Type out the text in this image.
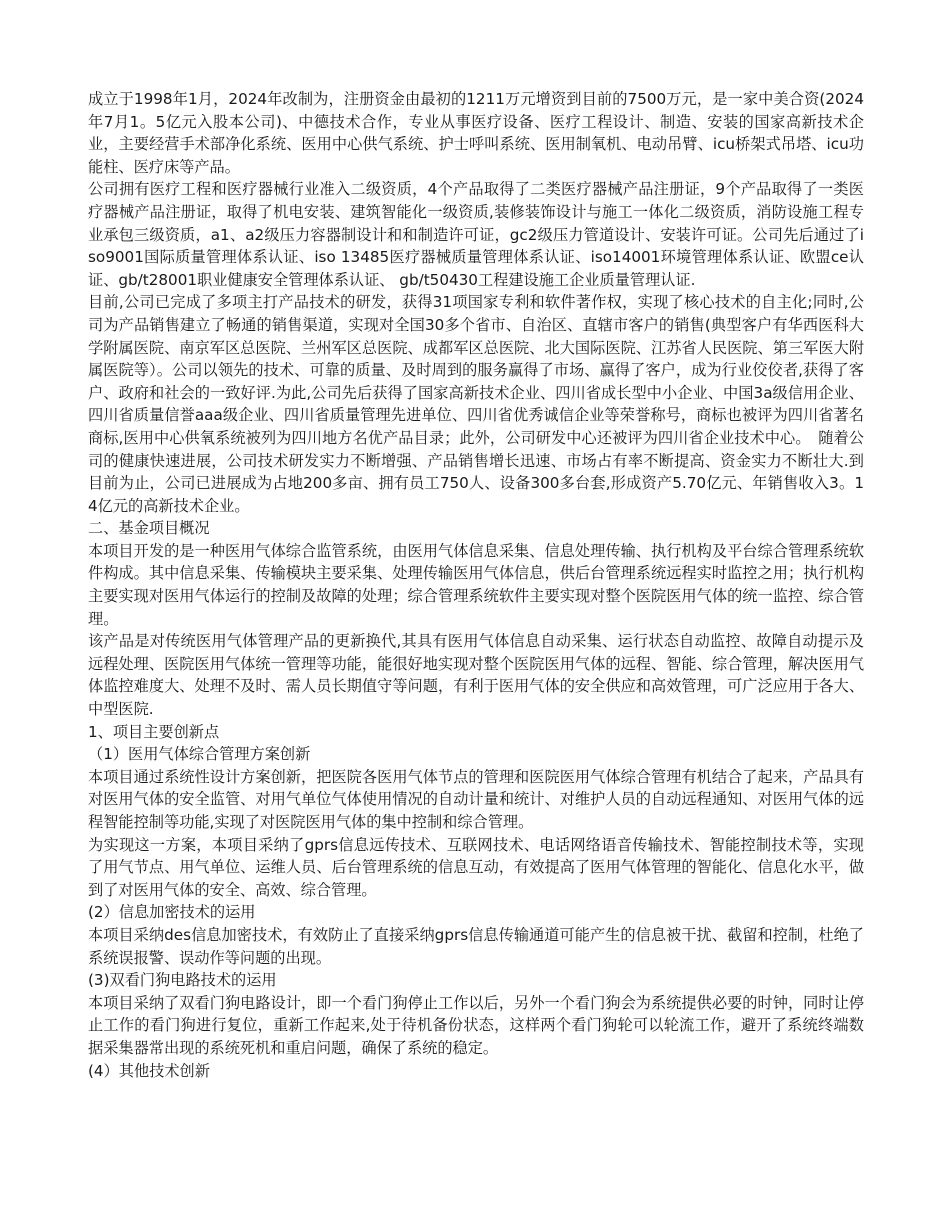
成立于1998年1月，2024年改制为，注册资金由最初的1211万元增资到目前的7500万元，是一家中美合资(2024年7月1。5亿元入股本公司)、中德技术合作，专业从事医疗设备、医疗工程设计、制造、安装的国家高新技术企业，主要经营手术部净化系统、医用中心供气系统、护士呼叫系统、医用制氧机、电动吊臂、icu桥架式吊塔、icu功能柱、医疗床等产品。

公司拥有医疗工程和医疗器械行业准入二级资质，4个产品取得了二类医疗器械产品注册证，9个产品取得了一类医疗器械产品注册证，取得了机电安装、建筑智能化一级资质,装修装饰设计与施工一体化二级资质，消防设施工程专业承包三级资质，a1、a2级压力容器制设计和和制造许可证，gc2级压力管道设计、安装许可证。公司先后通过了iso9001国际质量管理体系认证、iso 13485医疗器械质量管理体系认证、iso14001环境管理体系认证、欧盟ce认证、gb/t28001职业健康安全管理体系认证、 gb/t50430工程建设施工企业质量管理认证.

目前,公司已完成了多项主打产品技术的研发，获得31项国家专利和软件著作权，实现了核心技术的自主化;同时,公司为产品销售建立了畅通的销售渠道，实现对全国30多个省市、自治区、直辖市客户的销售(典型客户有华西医科大学附属医院、南京军区总医院、兰州军区总医院、成都军区总医院、北大国际医院、江苏省人民医院、第三军医大附属医院等）。公司以领先的技术、可靠的质量、及时周到的服务赢得了市场、赢得了客户，成为行业佼佼者,获得了客户、政府和社会的一致好评.为此,公司先后获得了国家高新技术企业、四川省成长型中小企业、中国3a级信用企业、四川省质量信誉aaa级企业、四川省质量管理先进单位、四川省优秀诚信企业等荣誉称号，商标也被评为四川省著名商标,医用中心供氧系统被列为四川地方名优产品目录；此外，公司研发中心还被评为四川省企业技术中心。　随着公司的健康快速进展，公司技术研发实力不断增强、产品销售增长迅速、市场占有率不断提高、资金实力不断壮大.到目前为止，公司已进展成为占地200多亩、拥有员工750人、设备300多台套,形成资产5.70亿元、年销售收入3。14亿元的高新技术企业。

二、基金项目概况

本项目开发的是一种医用气体综合监管系统，由医用气体信息采集、信息处理传输、执行机构及平台综合管理系统软件构成。其中信息采集、传输模块主要采集、处理传输医用气体信息，供后台管理系统远程实时监控之用；执行机构主要实现对医用气体运行的控制及故障的处理；综合管理系统软件主要实现对整个医院医用气体的统一监控、综合管理。

该产品是对传统医用气体管理产品的更新换代,其具有医用气体信息自动采集、运行状态自动监控、故障自动提示及远程处理、医院医用气体统一管理等功能，能很好地实现对整个医院医用气体的远程、智能、综合管理，解决医用气体监控难度大、处理不及时、需人员长期值守等问题，有利于医用气体的安全供应和高效管理，可广泛应用于各大、中型医院.

1、项目主要创新点

（1）医用气体综合管理方案创新

本项目通过系统性设计方案创新，把医院各医用气体节点的管理和医院医用气体综合管理有机结合了起来，产品具有对医用气体的安全监管、对用气单位气体使用情况的自动计量和统计、对维护人员的自动远程通知、对医用气体的远程智能控制等功能,实现了对医院医用气体的集中控制和综合管理。

为实现这一方案，本项目采纳了gprs信息远传技术、互联网技术、电话网络语音传输技术、智能控制技术等，实现了用气节点、用气单位、运维人员、后台管理系统的信息互动，有效提高了医用气体管理的智能化、信息化水平，做到了对医用气体的安全、高效、综合管理。

(2）信息加密技术的运用

本项目采纳des信息加密技术，有效防止了直接采纳gprs信息传输通道可能产生的信息被干扰、截留和控制，杜绝了系统误报警、误动作等问题的出现。

(3)双看门狗电路技术的运用

本项目采纳了双看门狗电路设计，即一个看门狗停止工作以后，另外一个看门狗会为系统提供必要的时钟，同时让停止工作的看门狗进行复位，重新工作起来,处于待机备份状态，这样两个看门狗轮可以轮流工作，避开了系统终端数据采集器常出现的系统死机和重启问题，确保了系统的稳定。

(4）其他技术创新
